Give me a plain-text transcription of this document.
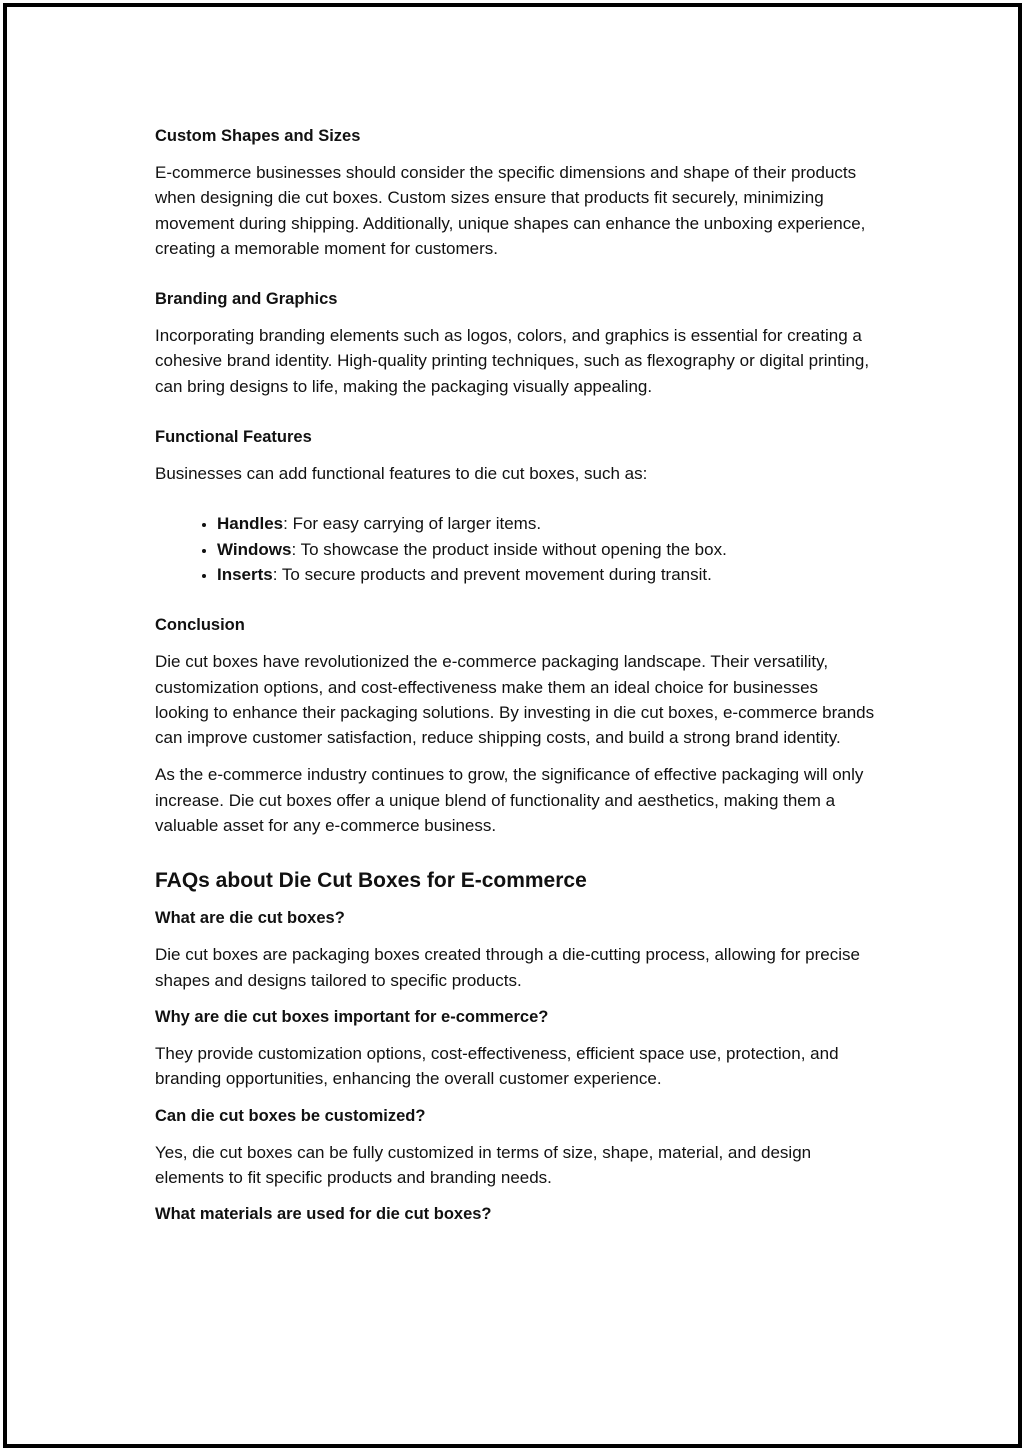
Custom Shapes and Sizes

E-commerce businesses should consider the specific dimensions and shape of their products when designing die cut boxes. Custom sizes ensure that products fit securely, minimizing movement during shipping. Additionally, unique shapes can enhance the unboxing experience, creating a memorable moment for customers.

Branding and Graphics

Incorporating branding elements such as logos, colors, and graphics is essential for creating a cohesive brand identity. High-quality printing techniques, such as flexography or digital printing, can bring designs to life, making the packaging visually appealing.

Functional Features

Businesses can add functional features to die cut boxes, such as:

• Handles: For easy carrying of larger items.
• Windows: To showcase the product inside without opening the box.
• Inserts: To secure products and prevent movement during transit.
Conclusion

Die cut boxes have revolutionized the e-commerce packaging landscape. Their versatility, customization options, and cost-effectiveness make them an ideal choice for businesses looking to enhance their packaging solutions. By investing in die cut boxes, e-commerce brands can improve customer satisfaction, reduce shipping costs, and build a strong brand identity.

As the e-commerce industry continues to grow, the significance of effective packaging will only increase. Die cut boxes offer a unique blend of functionality and aesthetics, making them a valuable asset for any e-commerce business.

FAQs about Die Cut Boxes for E-commerce
What are die cut boxes?

Die cut boxes are packaging boxes created through a die-cutting process, allowing for precise shapes and designs tailored to specific products.

Why are die cut boxes important for e-commerce?

They provide customization options, cost-effectiveness, efficient space use, protection, and branding opportunities, enhancing the overall customer experience.

Can die cut boxes be customized?

Yes, die cut boxes can be fully customized in terms of size, shape, material, and design elements to fit specific products and branding needs.

What materials are used for die cut boxes?
